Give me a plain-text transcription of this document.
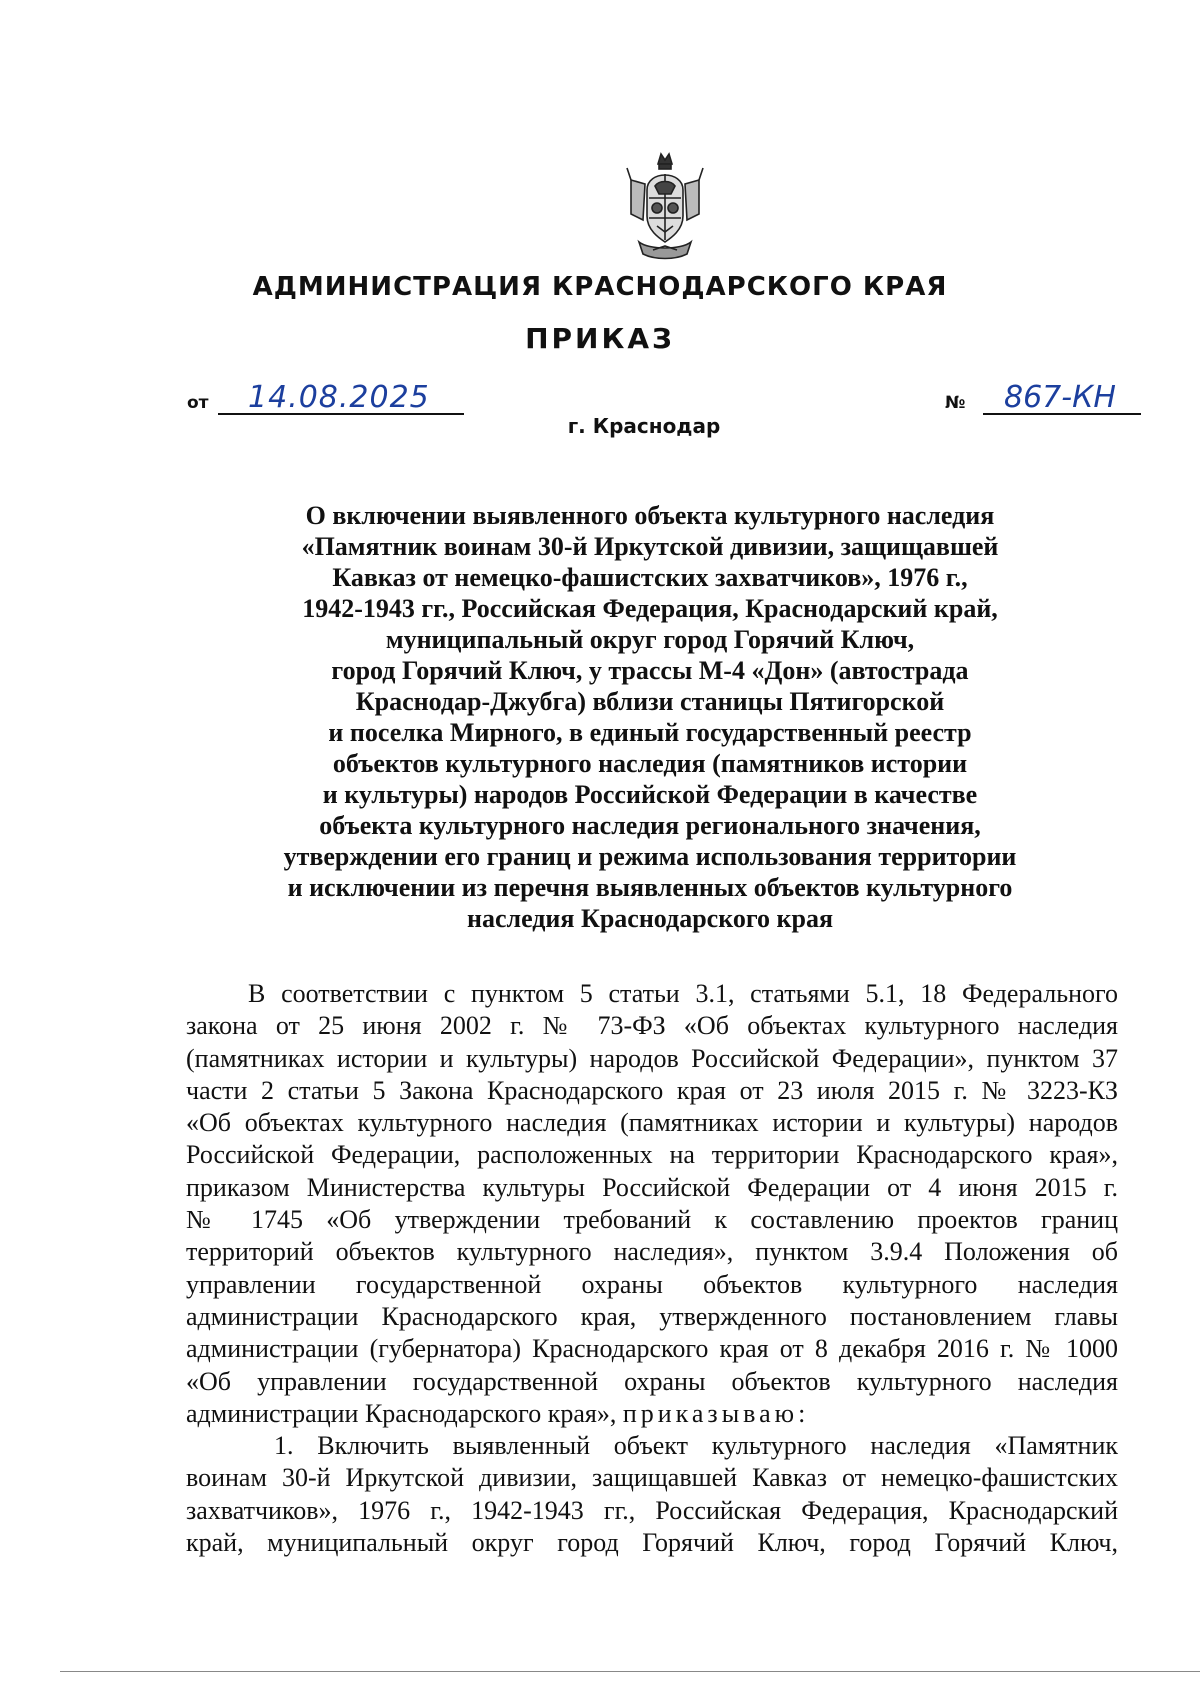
АДМИНИСТРАЦИЯ КРАСНОДАРСКОГО КРАЯ
ПРИКАЗ
от 14.08.2025	№ 867-КН
г. Краснодар
О включении выявленного объекта культурного наследия
«Памятник воинам 30-й Иркутской дивизии, защищавшей
Кавказ от немецко-фашистских захватчиков», 1976 г.,
1942-1943 гг., Российская Федерация, Краснодарский край,
муниципальный округ город Горячий Ключ,
город Горячий Ключ, у трассы М-4 «Дон» (автострада
Краснодар-Джубга) вблизи станицы Пятигорской
и поселка Мирного, в единый государственный реестр
объектов культурного наследия (памятников истории
и культуры) народов Российской Федерации в качестве
объекта культурного наследия регионального значения,
утверждении его границ и режима использования территории
и исключении из перечня выявленных объектов культурного
наследия Краснодарского края
В соответствии с пунктом 5 статьи 3.1, статьями 5.1, 18 Федерального
закона от 25 июня 2002 г. № 73-ФЗ «Об объектах культурного наследия
(памятниках истории и культуры) народов Российской Федерации», пунктом 37
части 2 статьи 5 Закона Краснодарского края от 23 июля 2015 г. № 3223-КЗ
«Об объектах культурного наследия (памятниках истории и культуры) народов
Российской Федерации, расположенных на территории Краснодарского края»,
приказом Министерства культуры Российской Федерации от 4 июня 2015 г.
№ 1745 «Об утверждении требований к составлению проектов границ
территорий объектов культурного наследия», пунктом 3.9.4 Положения об
управлении государственной охраны объектов культурного наследия
администрации Краснодарского края, утвержденного постановлением главы
администрации (губернатора) Краснодарского края от 8 декабря 2016 г. № 1000
«Об управлении государственной охраны объектов культурного наследия
администрации Краснодарского края», приказываю:
1. Включить выявленный объект культурного наследия «Памятник
воинам 30-й Иркутской дивизии, защищавшей Кавказ от немецко-фашистских
захватчиков», 1976 г., 1942-1943 гг., Российская Федерация, Краснодарский
край, муниципальный округ город Горячий Ключ, город Горячий Ключ,
